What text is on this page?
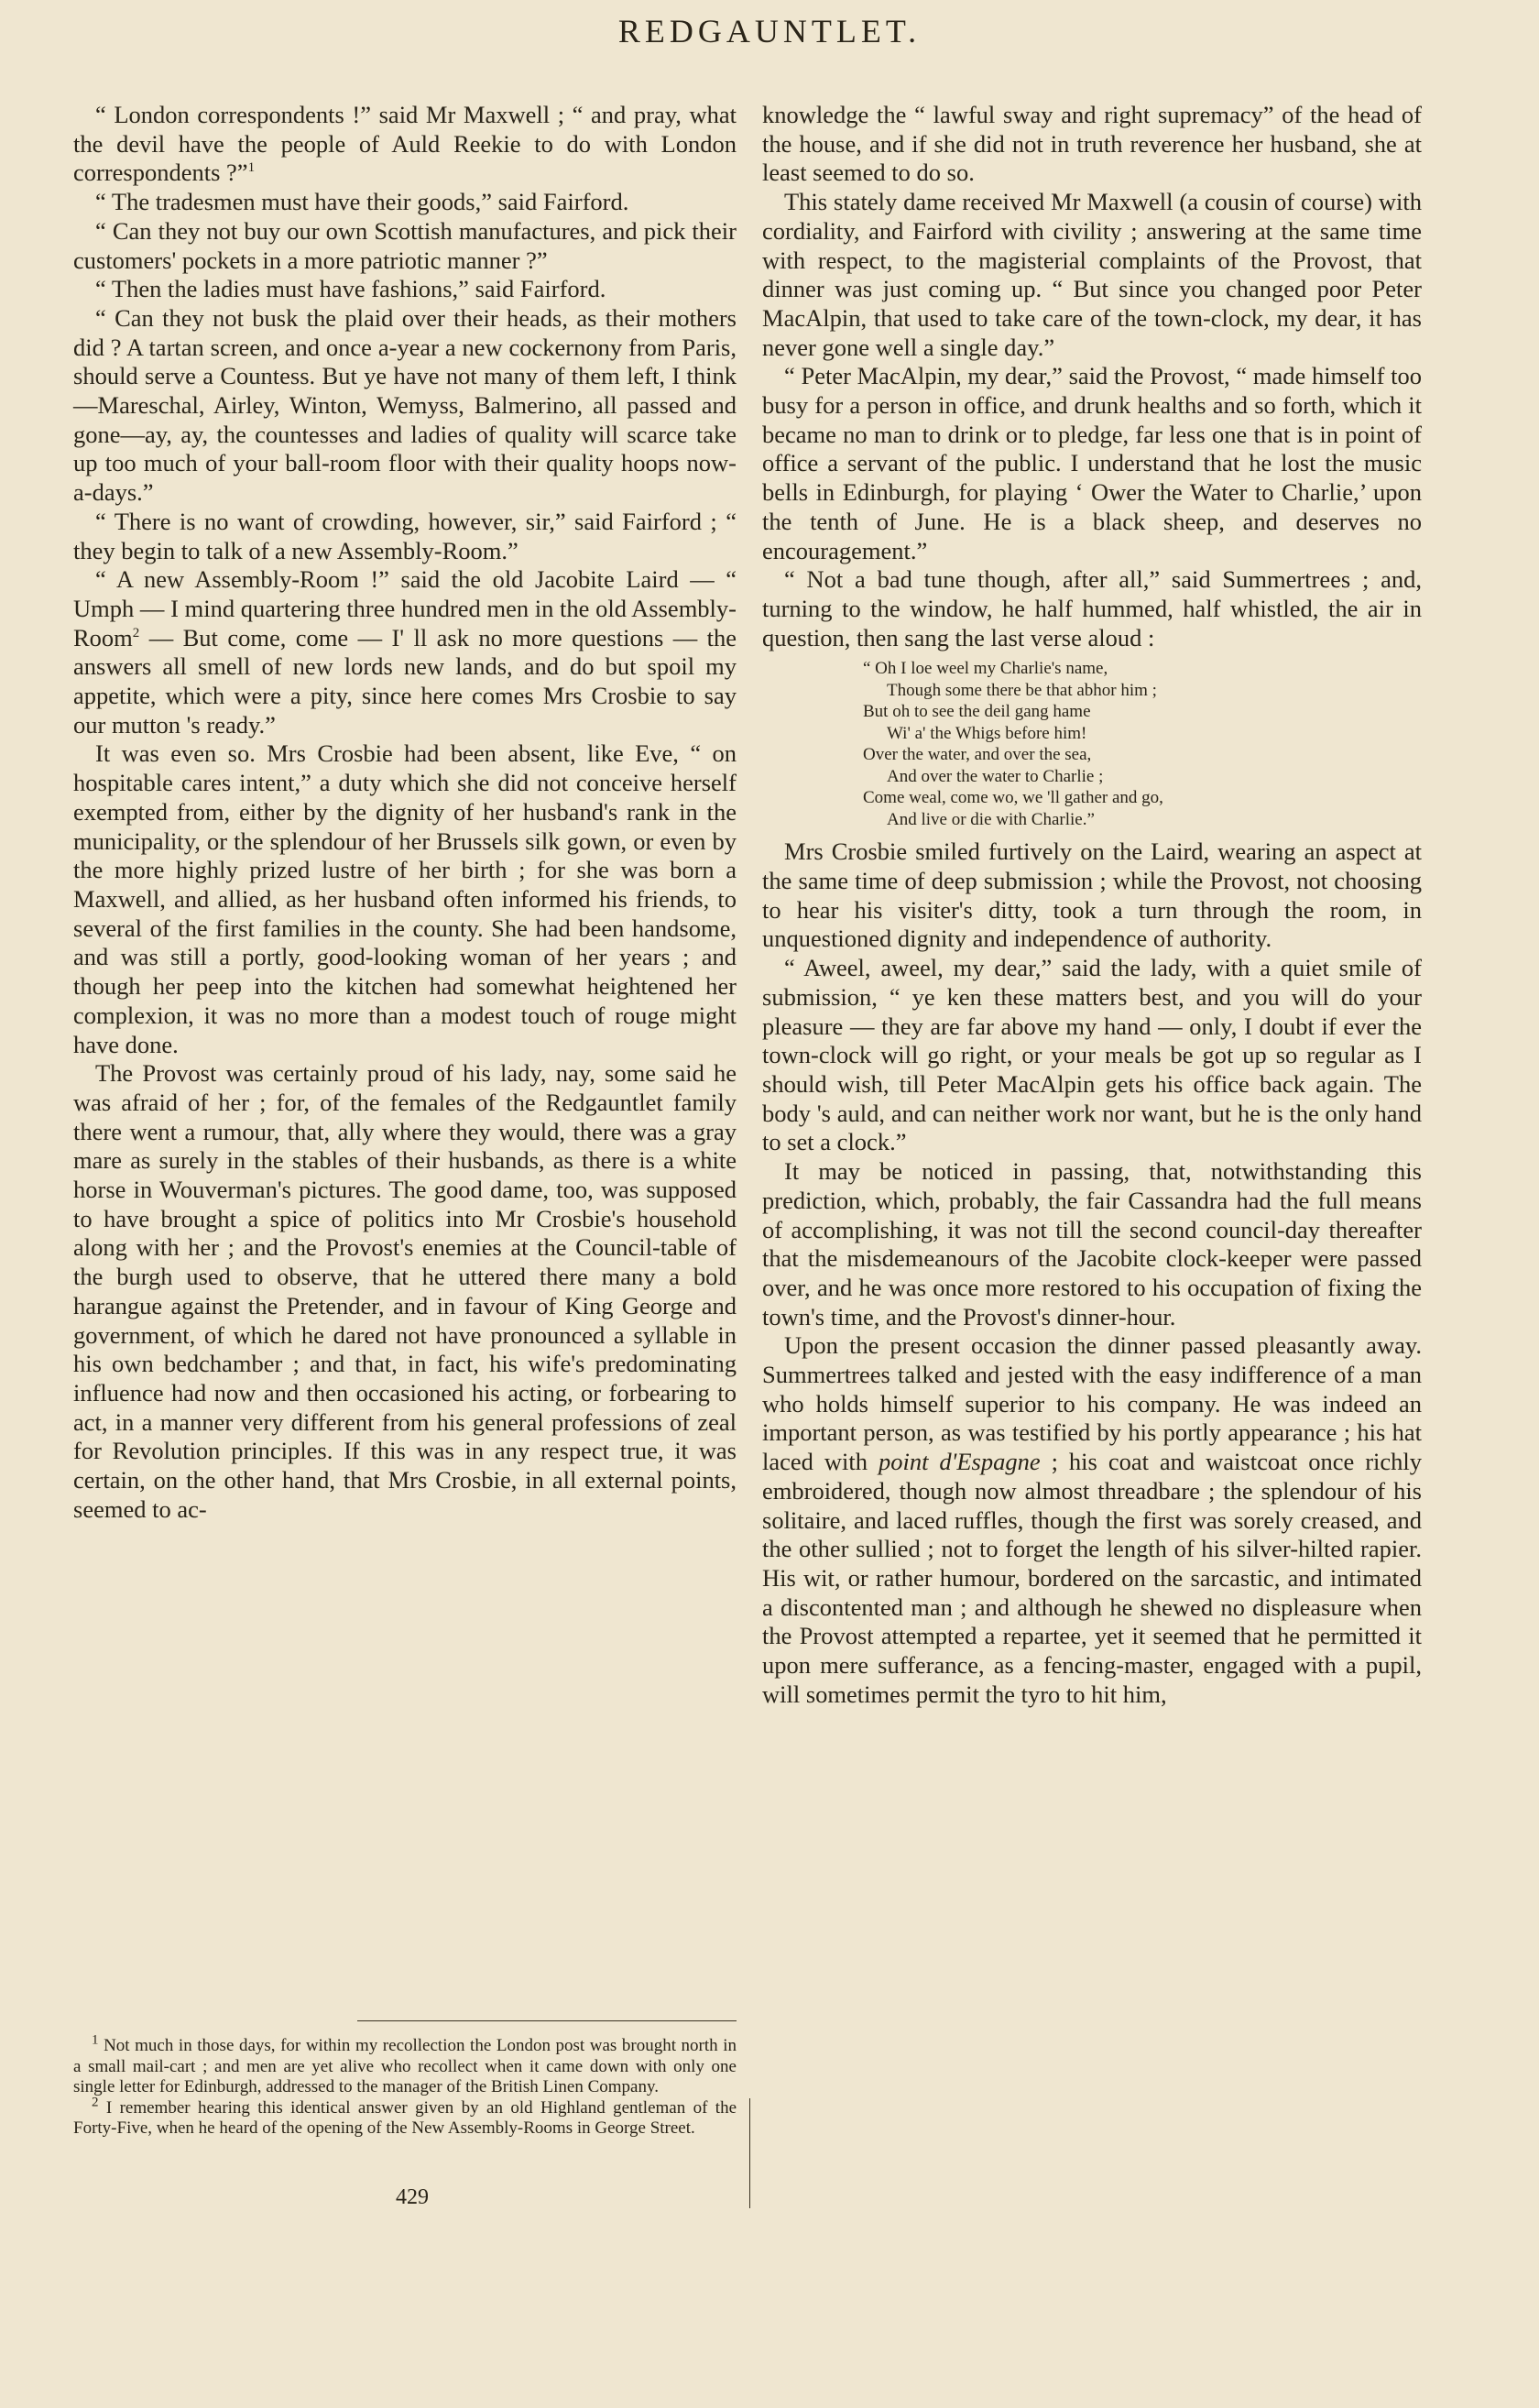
REDGAUNTLET.

“ London correspondents !” said Mr Maxwell ; “ and pray, what the devil have the people of Auld Reekie to do with London correspondents ?”$^1$

“ The tradesmen must have their goods,” said Fairford.

“ Can they not buy our own Scottish manufactures, and pick their customers' pockets in a more patriotic manner ?”

“ Then the ladies must have fashions,” said Fairford.

“ Can they not busk the plaid over their heads, as their mothers did ? A tartan screen, and once a-year a new cockernony from Paris, should serve a Countess. But ye have not many of them left, I think—Mareschal, Airley, Winton, Wemyss, Balmerino, all passed and gone—ay, ay, the countesses and ladies of quality will scarce take up too much of your ball-room floor with their quality hoops now-a-days.”

“ There is no want of crowding, however, sir,” said Fairford ; “ they begin to talk of a new Assembly-Room.”

“ A new Assembly-Room !” said the old Jacobite Laird — “ Umph — I mind quartering three hundred men in the old Assembly-Room$^2$ — But come, come — I' ll ask no more questions — the answers all smell of new lords new lands, and do but spoil my appetite, which were a pity, since here comes Mrs Crosbie to say our mutton 's ready.”

It was even so. Mrs Crosbie had been absent, like Eve, “ on hospitable cares intent,” a duty which she did not conceive herself exempted from, either by the dignity of her husband's rank in the municipality, or the splendour of her Brussels silk gown, or even by the more highly prized lustre of her birth ; for she was born a Maxwell, and allied, as her husband often informed his friends, to several of the first families in the county. She had been handsome, and was still a portly, good-looking woman of her years ; and though her peep into the kitchen had somewhat heightened her complexion, it was no more than a modest touch of rouge might have done.

The Provost was certainly proud of his lady, nay, some said he was afraid of her ; for, of the females of the Redgauntlet family there went a rumour, that, ally where they would, there was a gray mare as surely in the stables of their husbands, as there is a white horse in Wouverman's pictures. The good dame, too, was supposed to have brought a spice of politics into Mr Crosbie's household along with her ; and the Provost's enemies at the Council-table of the burgh used to observe, that he uttered there many a bold harangue against the Pretender, and in favour of King George and government, of which he dared not have pronounced a syllable in his own bedchamber ; and that, in fact, his wife's predominating influence had now and then occasioned his acting, or forbearing to act, in a manner very different from his general professions of zeal for Revolution principles. If this was in any respect true, it was certain, on the other hand, that Mrs Crosbie, in all external points, seemed to ac-

knowledge the “ lawful sway and right supremacy” of the head of the house, and if she did not in truth reverence her husband, she at least seemed to do so.

This stately dame received Mr Maxwell (a cousin of course) with cordiality, and Fairford with civility ; answering at the same time with respect, to the magisterial complaints of the Provost, that dinner was just coming up. “ But since you changed poor Peter MacAlpin, that used to take care of the town-clock, my dear, it has never gone well a single day.”

“ Peter MacAlpin, my dear,” said the Provost, “ made himself too busy for a person in office, and drunk healths and so forth, which it became no man to drink or to pledge, far less one that is in point of office a servant of the public. I understand that he lost the music bells in Edinburgh, for playing ‘ Ower the Water to Charlie,’ upon the tenth of June. He is a black sheep, and deserves no encouragement.”

“ Not a bad tune though, after all,” said Summertrees ; and, turning to the window, he half hummed, half whistled, the air in question, then sang the last verse aloud :

“ Oh I loe weel my Charlie's name,
Though some there be that abhor him ;
But oh to see the deil gang hame
Wi' a' the Whigs before him!
Over the water, and over the sea,
And over the water to Charlie ;
Come weal, come wo, we 'll gather and go,
And live or die with Charlie.”

Mrs Crosbie smiled furtively on the Laird, wearing an aspect at the same time of deep submission ; while the Provost, not choosing to hear his visiter's ditty, took a turn through the room, in unquestioned dignity and independence of authority.

“ Aweel, aweel, my dear,” said the lady, with a quiet smile of submission, “ ye ken these matters best, and you will do your pleasure — they are far above my hand — only, I doubt if ever the town-clock will go right, or your meals be got up so regular as I should wish, till Peter MacAlpin gets his office back again. The body 's auld, and can neither work nor want, but he is the only hand to set a clock.”

It may be noticed in passing, that, notwithstanding this prediction, which, probably, the fair Cassandra had the full means of accomplishing, it was not till the second council-day thereafter that the misdemeanours of the Jacobite clock-keeper were passed over, and he was once more restored to his occupation of fixing the town's time, and the Provost's dinner-hour.

Upon the present occasion the dinner passed pleasantly away. Summertrees talked and jested with the easy indifference of a man who holds himself superior to his company. He was indeed an important person, as was testified by his portly appearance ; his hat laced with point d'Espagne ; his coat and waistcoat once richly embroidered, though now almost threadbare ; the splendour of his solitaire, and laced ruffles, though the first was sorely creased, and the other sullied ; not to forget the length of his silver-hilted rapier. His wit, or rather humour, bordered on the sarcastic, and intimated a discontented man ; and although he shewed no displeasure when the Provost attempted a repartee, yet it seemed that he permitted it upon mere sufferance, as a fencing-master, engaged with a pupil, will sometimes permit the tyro to hit him,

$^1$ Not much in those days, for within my recollection the London post was brought north in a small mail-cart ; and men are yet alive who recollect when it came down with only one single letter for Edinburgh, addressed to the manager of the British Linen Company.

$^2$ I remember hearing this identical answer given by an old Highland gentleman of the Forty-Five, when he heard of the opening of the New Assembly-Rooms in George Street.

429
